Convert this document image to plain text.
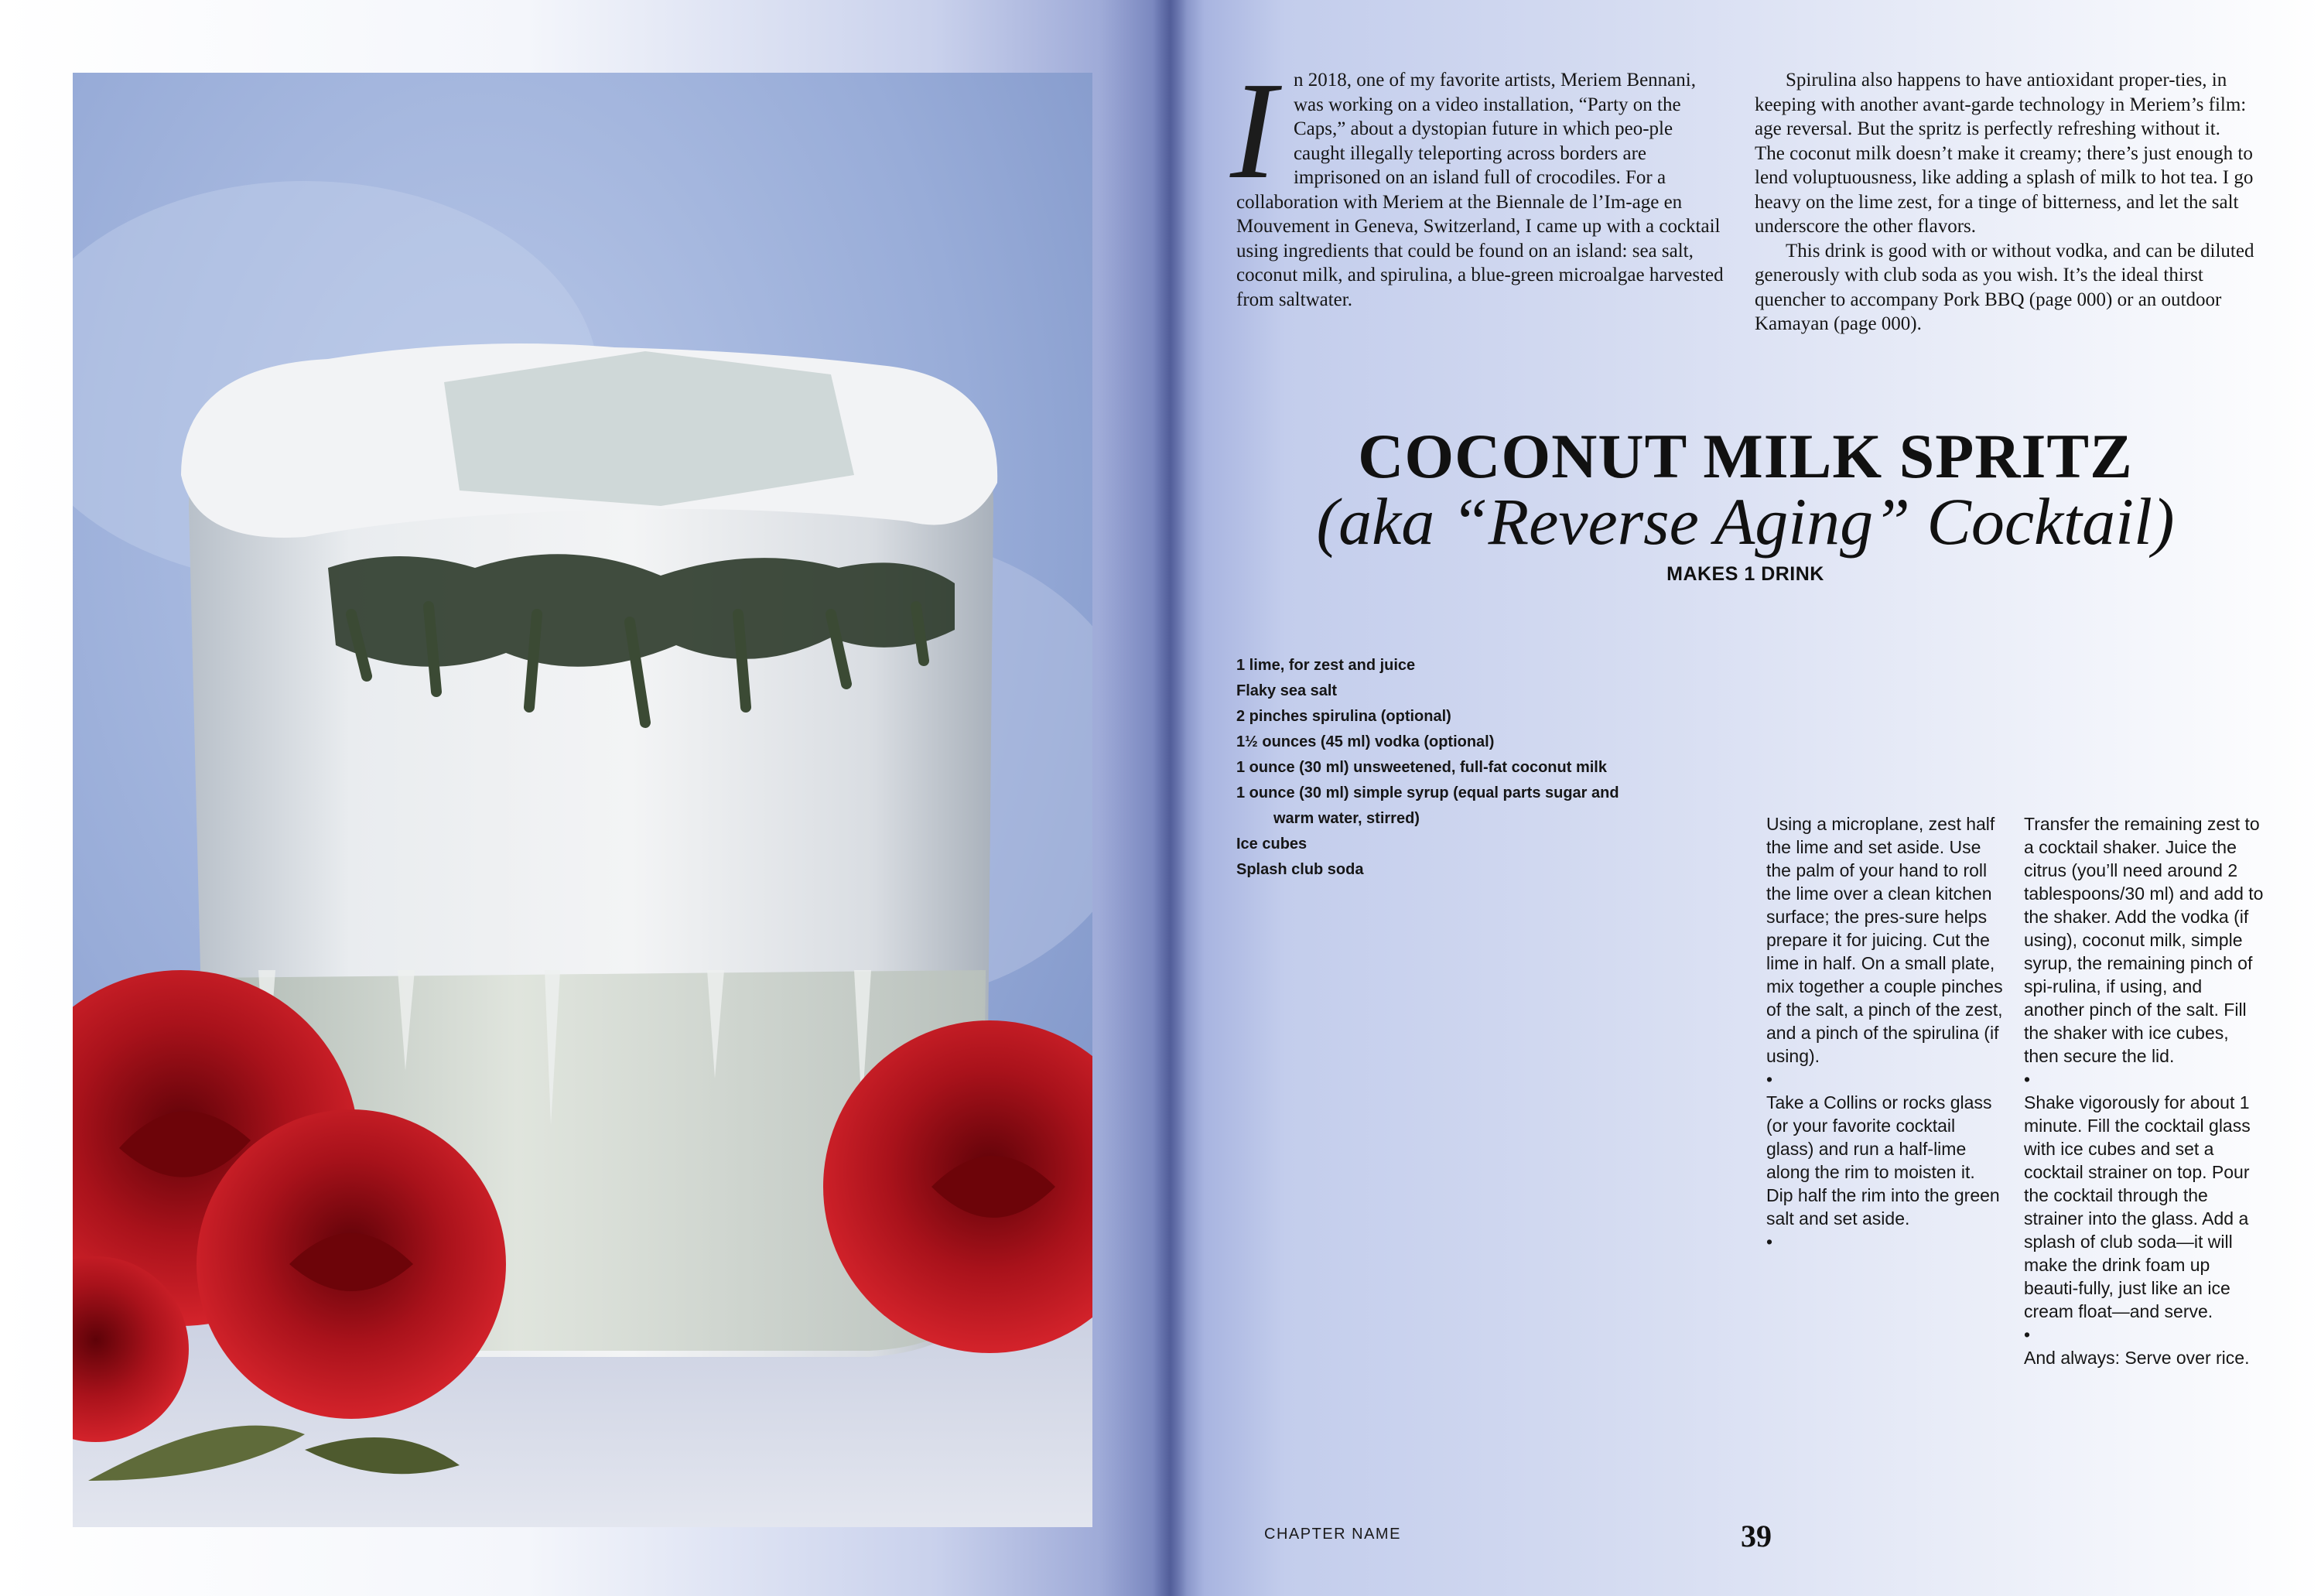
In 2018, one of my favorite artists, Meriem Bennani, was working on a video installation, “Party on the Caps,” about a dystopian future in which peo-ple caught illegally teleporting across borders are imprisoned on an island full of crocodiles. For a collaboration with Meriem at the Biennale de l’Im-age en Mouvement in Geneva, Switzerland, I came up with a cocktail using ingredients that could be found on an island: sea salt, coconut milk, and spirulina, a blue-green microalgae harvested from saltwater.

Spirulina also happens to have antioxidant proper-ties, in keeping with another avant-garde technology in Meriem’s film: age reversal. But the spritz is perfectly refreshing without it. The coconut milk doesn’t make it creamy; there’s just enough to lend voluptuousness, like adding a splash of milk to hot tea. I go heavy on the lime zest, for a tinge of bitterness, and let the salt underscore the other flavors.

This drink is good with or without vodka, and can be diluted generously with club soda as you wish. It’s the ideal thirst quencher to accompany Pork BBQ (page 000) or an outdoor Kamayan (page 000).

COCONUT MILK SPRITZ
(aka “Reverse Aging” Cocktail)
MAKES 1 DRINK
1 lime, for zest and juice
Flaky sea salt
2 pinches spirulina (optional)
1½ ounces (45 ml) vodka (optional)
1 ounce (30 ml) unsweetened, full-fat coconut milk
1 ounce (30 ml) simple syrup (equal parts sugar and warm water, stirred)
Ice cubes
Splash club soda

Using a microplane, zest half the lime and set aside. Use the palm of your hand to roll the lime over a clean kitchen surface; the pres-sure helps prepare it for juicing. Cut the lime in half. On a small plate, mix together a couple pinches of the salt, a pinch of the zest, and a pinch of the spirulina (if using).

•

Take a Collins or rocks glass (or your favorite cocktail glass) and run a half-lime along the rim to moisten it. Dip half the rim into the green salt and set aside.

•

Transfer the remaining zest to a cocktail shaker. Juice the citrus (you’ll need around 2 tablespoons/30 ml) and add to the shaker. Add the vodka (if using), coconut milk, simple syrup, the remaining pinch of spi-rulina, if using, and another pinch of the salt. Fill the shaker with ice cubes, then secure the lid.

•

Shake vigorously for about 1 minute. Fill the cocktail glass with ice cubes and set a cocktail strainer on top. Pour the cocktail through the strainer into the glass. Add a splash of club soda—it will make the drink foam up beauti-fully, just like an ice cream float—and serve.

•

And always: Serve over rice.

CHAPTER NAME	39
